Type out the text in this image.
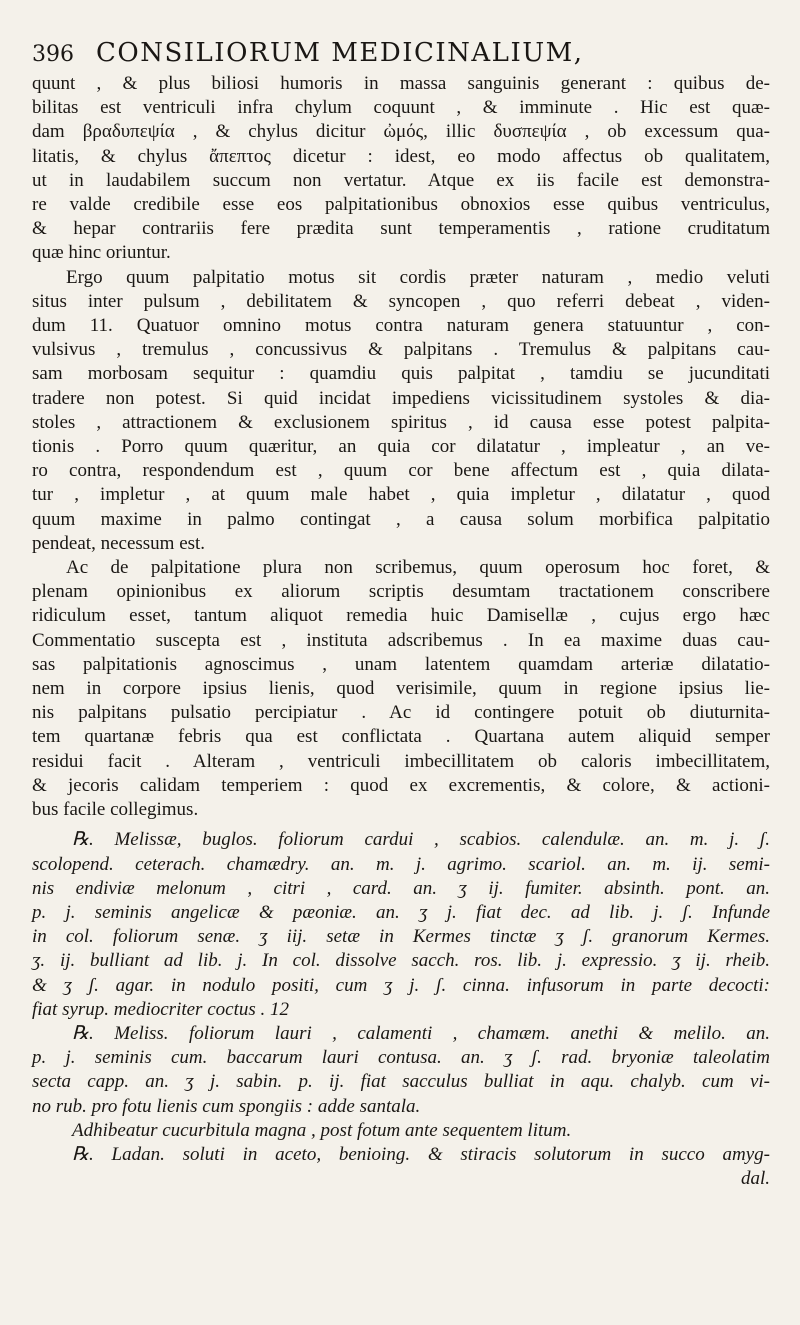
396 CONSILIORUM MEDICINALIUM,
quunt , & plus biliosi humoris in massa sanguinis generant : quibus de-
bilitas est ventriculi infra chylum coquunt , & imminute . Hic est quæ-
dam βραδυπεψία , & chylus dicitur ὠμός, illic δυσπεψία , ob excessum qua-
litatis, & chylus ἄπεπτος dicetur : idest, eo modo affectus ob qualitatem,
ut in laudabilem succum non vertatur. Atque ex iis facile est demonstra-
re valde credibile esse eos palpitationibus obnoxios esse quibus ventriculus,
& hepar contrariis fere prædita sunt temperamentis , ratione cruditatum
quæ hinc oriuntur.
Ergo quum palpitatio motus sit cordis præter naturam , medio veluti
situs inter pulsum , debilitatem & syncopen , quo referri debeat , viden-
dum 11. Quatuor omnino motus contra naturam genera statuuntur , con-
vulsivus , tremulus , concussivus & palpitans . Tremulus & palpitans cau-
sam morbosam sequitur : quamdiu quis palpitat , tamdiu se jucunditati
tradere non potest. Si quid incidat impediens vicissitudinem systoles & dia-
stoles , attractionem & exclusionem spiritus , id causa esse potest palpita-
tionis . Porro quum quæritur, an quia cor dilatatur , impleatur , an ve-
ro contra, respondendum est , quum cor bene affectum est , quia dilata-
tur , impletur , at quum male habet , quia impletur , dilatatur , quod
quum maxime in palmo contingat , a causa solum morbifica palpitatio
pendeat, necessum est.
Ac de palpitatione plura non scribemus, quum operosum hoc foret, &
plenam opinionibus ex aliorum scriptis desumtam tractationem conscribere
ridiculum esset, tantum aliquot remedia huic Damisellæ , cujus ergo hæc
Commentatio suscepta est , instituta adscribemus . In ea maxime duas cau-
sas palpitationis agnoscimus , unam latentem quamdam arteriæ dilatatio-
nem in corpore ipsius lienis, quod verisimile, quum in regione ipsius lie-
nis palpitans pulsatio percipiatur . Ac id contingere potuit ob diuturnita-
tem quartanæ febris qua est conflictata . Quartana autem aliquid semper
residui facit . Alteram , ventriculi imbecillitatem ob caloris imbecillitatem,
& jecoris calidam temperiem : quod ex excrementis, & colore, & actioni-
bus facile collegimus.
℞. Melissæ, buglos. foliorum cardui , scabios. calendulæ. an. m. j. ʃ.
scolopend. ceterach. chamædry. an. m. j. agrimo. scariol. an. m. ij. semi-
nis endiviæ melonum , citri , card. an. ʒ ij. fumiter. absinth. pont. an.
p. j. seminis angelicæ & pæoniæ. an. ʒ j. fiat dec. ad lib. j. ʃ. Infunde
in col. foliorum senæ. ʒ iij. setæ in Kermes tinctæ ʒ ʃ. granorum Kermes.
ʒ. ij. bulliant ad lib. j. In col. dissolve sacch. ros. lib. j. expressio. ʒ ij. rheib.
& ʒ ʃ. agar. in nodulo positi, cum ʒ j. ʃ. cinna. infusorum in parte decocti:
fiat syrup. mediocriter coctus . 12
℞. Meliss. foliorum lauri , calamenti , chamæm. anethi & melilo. an.
p. j. seminis cum. baccarum lauri contusa. an. ʒ ʃ. rad. bryoniæ taleolatim
secta capp. an. ʒ j. sabin. p. ij. fiat sacculus bulliat in aqu. chalyb. cum vi-
no rub. pro fotu lienis cum spongiis : adde santala.
Adhibeatur cucurbitula magna , post fotum ante sequentem litum.
℞. Ladan. soluti in aceto, benioing. & stiracis solutorum in succo amyg-
dal.
